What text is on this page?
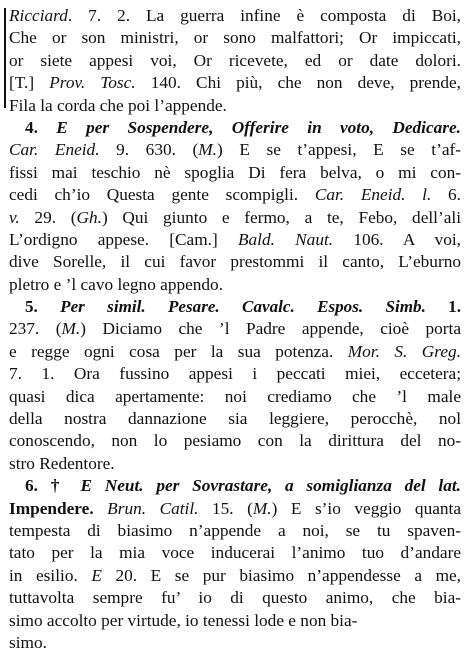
Ricciard. 7. 2. La guerra infine è composta di Boi,
Che or son ministri, or sono malfattori; Or impiccati,
or siete appesi voi, Or ricevete, ed or date dolori.
[T.] Prov. Tosc. 140. Chi più, che non deve, prende,
Fila la corda che poi l’appende.
4. E per Sospendere, Offerire in voto, Dedicare.
Car. Eneid. 9. 630. (M.) E se t’appesi, E se t’af-
fissi mai teschio nè spoglia Di fera belva, o mi con-
cedi ch’io Questa gente scompigli. Car. Eneid. l. 6.
v. 29. (Gh.) Qui giunto e fermo, a te, Febo, dell’ali
L’ordigno appese. [Cam.] Bald. Naut. 106. A voi,
dive Sorelle, il cui favor prestommi il canto, L’eburno
pletro e ’l cavo legno appendo.
5. Per simil. Pesare. Cavalc. Espos. Simb. 1.
237. (M.) Diciamo che ’l Padre appende, cioè porta
e regge ogni cosa per la sua potenza. Mor. S. Greg.
7. 1. Ora fussino appesi i peccati miei, eccetera;
quasi dica apertamente: noi crediamo che ’l male
della nostra dannazione sia leggiere, perocchè, nol
conoscendo, non lo pesiamo con la dirittura del no-
stro Redentore.
6. † E Neut. per Sovrastare, a somiglianza del lat.
Impendere. Brun. Catil. 15. (M.) E s’io veggio quanta
tempesta di biasimo n’appende a noi, se tu spaven-
tato per la mia voce inducerai l’animo tuo d’andare
in esilio. E 20. E se pur biasimo n’appendesse a me,
tuttavolta sempre fu’ io di questo animo, che bia-
simo accolto per virtude, io tenessi lode e non bia-
simo.
